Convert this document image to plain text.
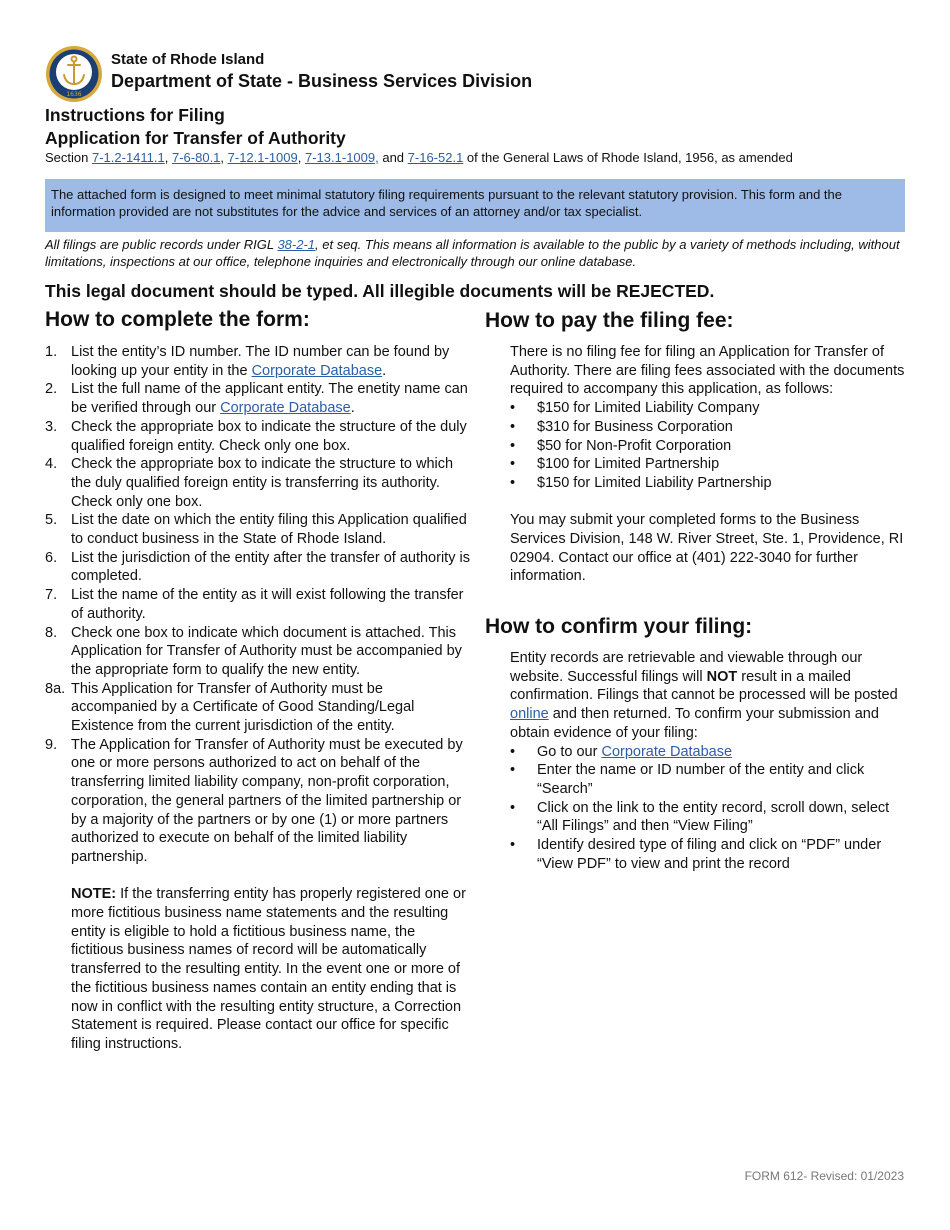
1636
State of Rhode Island
Department of State - Business Services Division
Instructions for Filing
Application for Transfer of Authority
Section 7-1.2-1411.1, 7-6-80.1, 7-12.1-1009, 7-13.1-1009, and 7-16-52.1 of the General Laws of Rhode Island, 1956, as amended
The attached form is designed to meet minimal statutory filing requirements pursuant to the relevant statutory provision. This form and the information provided are not substitutes for the advice and services of an attorney and/or tax specialist.
All filings are public records under RIGL 38-2-1, et seq. This means all information is available to the public by a variety of methods including, without limitations, inspections at our office, telephone inquiries and electronically through our online database.
This legal document should be typed. All illegible documents will be REJECTED.
How to complete the form:
1. List the entity’s ID number. The ID number can be found by looking up your entity in the Corporate Database.
2. List the full name of the applicant entity. The enetity name can be verified through our Corporate Database.
3. Check the appropriate box to indicate the structure of the duly qualified foreign entity. Check only one box.
4. Check the appropriate box to indicate the structure to which the duly qualified foreign entity is transferring its authority. Check only one box.
5. List the date on which the entity filing this Application qualified to conduct business in the State of Rhode Island.
6. List the jurisdiction of the entity after the transfer of authority is completed.
7. List the name of the entity as it will exist following the transfer of authority.
8. Check one box to indicate which document is attached. This Application for Transfer of Authority must be accompanied by the appropriate form to qualify the new entity.
8a. This Application for Transfer of Authority must be accompanied by a Certificate of Good Standing/Legal Existence from the current jurisdiction of the entity.
9. The Application for Transfer of Authority must be executed by one or more persons authorized to act on behalf of the transferring limited liability company, non-profit corporation, corporation, the general partners of the limited partnership or by a majority of the partners or by one (1) or more partners authorized to execute on behalf of the limited liability partnership.
NOTE: If the transferring entity has properly registered one or more fictitious business name statements and the resulting entity is eligible to hold a fictitious business name, the fictitious business names of record will be automatically transferred to the resulting entity. In the event one or more of the fictitious business names contain an entity ending that is now in conflict with the resulting entity structure, a Correction Statement is required. Please contact our office for specific filing instructions.
How to pay the filing fee:
There is no filing fee for filing an Application for Transfer of Authority. There are filing fees associated with the documents required to accompany this application, as follows:
•	$150 for Limited Liability Company
•	$310 for Business Corporation
•	$50 for Non-Profit Corporation
•	$100 for Limited Partnership
•	$150 for Limited Liability Partnership
You may submit your completed forms to the Business Services Division, 148 W. River Street, Ste. 1, Providence, RI 02904. Contact our office at (401) 222-3040 for further information.
How to confirm your filing:
Entity records are retrievable and viewable through our website. Successful filings will NOT result in a mailed confirmation. Filings that cannot be processed will be posted online and then returned. To confirm your submission and obtain evidence of your filing:
•	Go to our Corporate Database
•	Enter the name or ID number of the entity and click “Search”
•	Click on the link to the entity record, scroll down, select “All Filings” and then “View Filing”
•	Identify desired type of filing and click on “PDF” under “View PDF” to view and print the record
FORM 612- Revised: 01/2023
